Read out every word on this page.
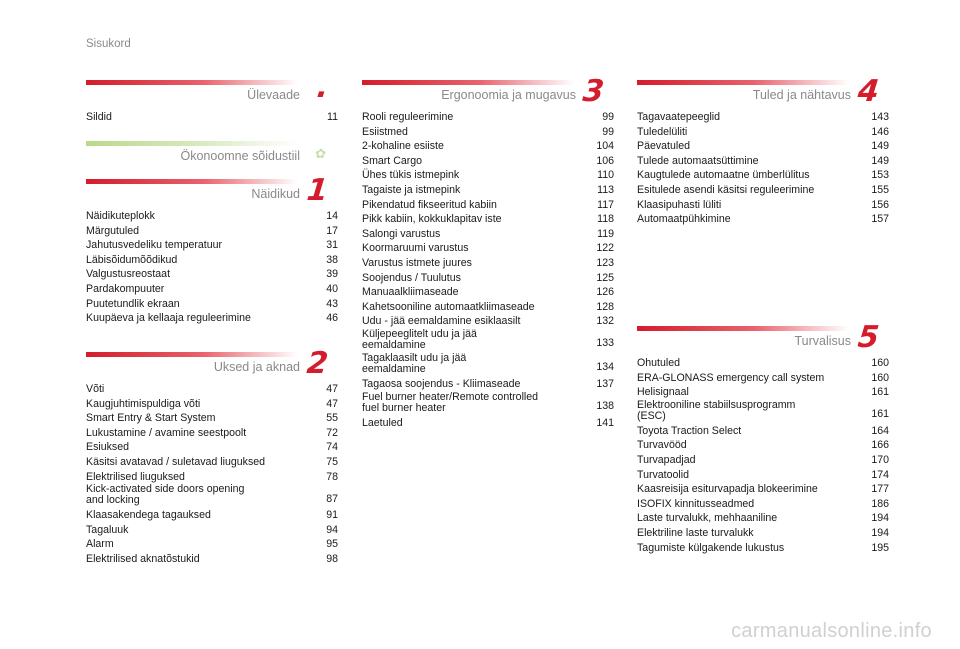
Sisukord
Ülevaade .
Sildid	11
Ökonoomne sõidustiil ✿
Näidikud 1
Näidikuteplokk	14
Märgutuled	17
Jahutusvedeliku temperatuur	31
Läbisõidumõõdikud	38
Valgustusreostaat	39
Pardakompuuter	40
Puutetundlik ekraan	43
Kuupäeva ja kellaaja reguleerimine	46
Uksed ja aknad 2
Võti	47
Kaugjuhtimispuldiga võti	47
Smart Entry & Start System	55
Lukustamine / avamine seestpoolt	72
Esiuksed	74
Käsitsi avatavad / suletavad liuguksed	75
Elektrilised liuguksed	78
Kick-activated side doors opening
and locking	87
Klaasakendega tagauksed	91
Tagaluuk	94
Alarm	95
Elektrilised aknatõstukid	98
Ergonoomia ja mugavus 3
Rooli reguleerimine	99
Esiistmed	99
2-kohaline esiiste	104
Smart Cargo	106
Ühes tükis istmepink	110
Tagaiste ja istmepink	113
Pikendatud fikseeritud kabiin	117
Pikk kabiin, kokkuklapitav iste	118
Salongi varustus	119
Koormaruumi varustus	122
Varustus istmete juures	123
Soojendus / Tuulutus	125
Manuaalkliimaseade	126
Kahetsooniline automaatkliimaseade	128
Udu - jää eemaldamine esiklaasilt	132
Küljepeeglitelt udu ja jää
eemaldamine	133
Tagaklaasilt udu ja jää
eemaldamine	134
Tagaosa soojendus - Kliimaseade	137
Fuel burner heater/Remote controlled
fuel burner heater	138
Laetuled	141
Tuled ja nähtavus 4
Tagavaatepeeglid	143
Tuledelüliti	146
Päevatuled	149
Tulede automaatsüttimine	149
Kaugtulede automaatne ümberlülitus	153
Esitulede asendi käsitsi reguleerimine	155
Klaasipuhasti lüliti	156
Automaatpühkimine	157
Turvalisus 5
Ohutuled	160
ERA-GLONASS emergency call system	160
Helisignaal	161
Elektrooniline stabiilsusprogramm
(ESC)	161
Toyota Traction Select	164
Turvavööd	166
Turvapadjad	170
Turvatoolid	174
Kaasreisija esiturvapadja blokeerimine	177
ISOFIX kinnitusseadmed	186
Laste turvalukk, mehhaaniline	194
Elektriline laste turvalukk	194
Tagumiste külgakende lukustus	195
carmanualsonline.info
